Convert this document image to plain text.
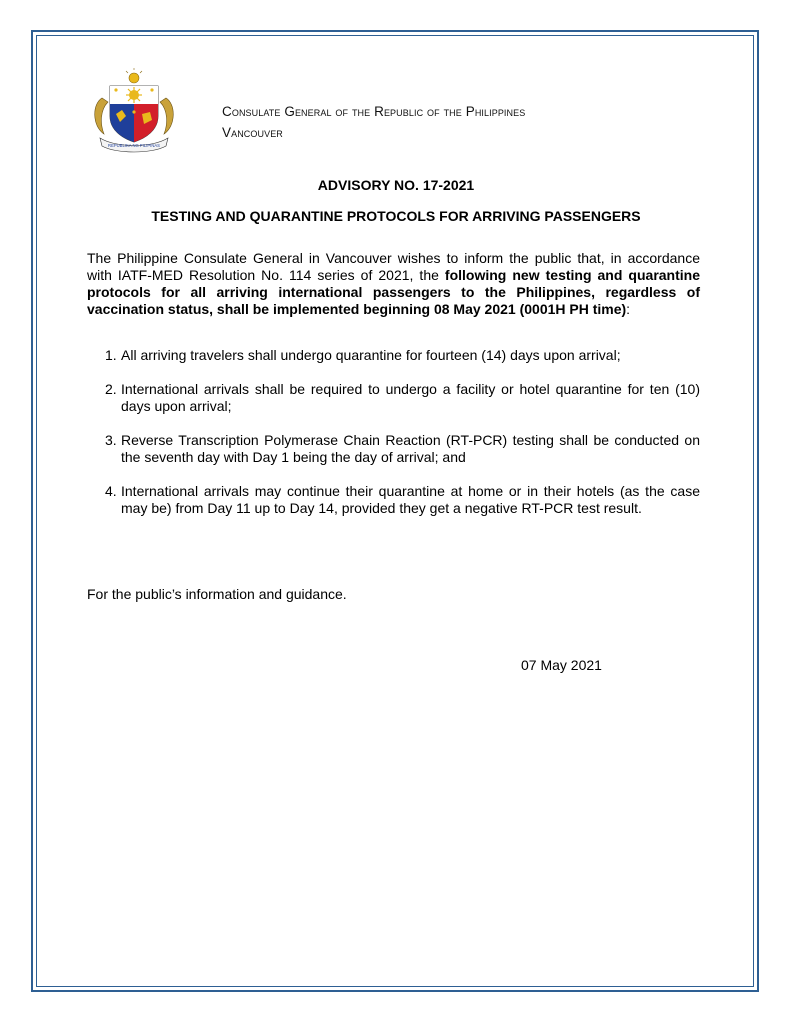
REPUBLIKA NG PILIPINAS
Consulate General of the Republic of the Philippines
Vancouver
ADVISORY NO. 17-2021
TESTING AND QUARANTINE PROTOCOLS FOR ARRIVING PASSENGERS
The Philippine Consulate General in Vancouver wishes to inform the public that, in accordance with IATF-MED Resolution No. 114 series of 2021, the following new testing and quarantine protocols for all arriving international passengers to the Philippines, regardless of vaccination status, shall be implemented beginning 08 May 2021 (0001H PH time):
1. All arriving travelers shall undergo quarantine for fourteen (14) days upon arrival;
2. International arrivals shall be required to undergo a facility or hotel quarantine for ten (10) days upon arrival;
3. Reverse Transcription Polymerase Chain Reaction (RT-PCR) testing shall be conducted on the seventh day with Day 1 being the day of arrival; and
4. International arrivals may continue their quarantine at home or in their hotels (as the case may be) from Day 11 up to Day 14, provided they get a negative RT-PCR test result.
For the public’s information and guidance.
07 May 2021
